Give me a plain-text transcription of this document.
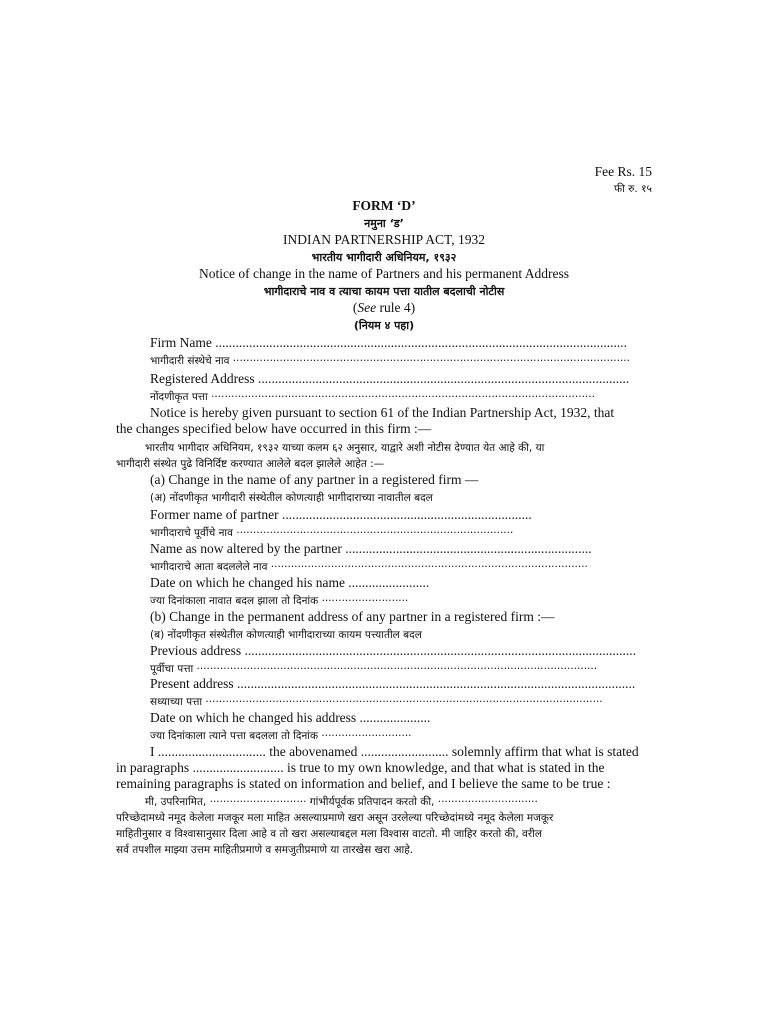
Fee Rs. 15
फी रु. १५
FORM ‘D’
नमुना ‘ड’
INDIAN PARTNERSHIP ACT, 1932
भारतीय भागीदारी अधिनियम, १९३२
Notice of change in the name of Partners and his permanent Address
भागीदाराचे नाव व त्याचा कायम पत्ता यातील बदलाची नोटीस
(See rule 4)
(नियम ४ पहा)
Firm Name ..........................................................................................................................
भागीदारी संस्थेचे नाव ·······················································································································
Registered Address ..............................................................................................................
नोंदणीकृत पत्ता ···················································································································
Notice is hereby given pursuant to section 61 of the Indian Partnership Act, 1932, that
the changes specified below have occurred in this firm :—
भारतीय भागीदार अधिनियम, १९३२ याच्या कलम ६२ अनुसार, याद्वारे अशी नोटीस देण्यात येत आहे की, या
भागीदारी संस्थेत पुढे विनिर्दिष्ट करण्यात आलेले बदल झालेले आहेत :—
(a) Change in the name of any partner in a registered firm —
(अ) नोंदणीकृत भागीदारी संस्थेतील कोणत्याही भागीदाराच्या नावातील बदल
Former name of partner ..........................................................................
भागीदाराचे पूर्वीचे नाव ···················································································
Name as now altered by the partner .........................................................................
भागीदाराचे आता बदललेले नाव ·······························································································
Date on which he changed his name ........................
ज्या दिनांकाला नावात बदल झाला तो दिनांक ··························
(b) Change in the permanent address of any partner in a registered firm :—
(ब) नोंदणीकृत संस्थेतील कोणत्याही भागीदाराच्या कायम पत्त्यातील बदल
Previous address ....................................................................................................................
पूर्वीचा पत्ता ························································································································
Present address ......................................................................................................................
सध्याच्या पत्ता ·······················································································································
Date on which he changed his address .....................
ज्या दिनांकाला त्याने पत्ता बदलला तो दिनांक ···························
I ................................ the abovenamed .......................... solemnly affirm that what is stated
in paragraphs ........................... is true to my own knowledge, and that what is stated in the
remaining paragraphs is stated on information and belief, and I believe the same to be true :
मी, उपरिनामित, ····························· गांभीर्यपूर्वक प्रतिपादन करतो की, ······························
परिच्छेदामध्ये नमूद केलेला मजकूर मला माहित असल्याप्रमाणे खरा असून उरलेल्या परिच्छेदांमध्ये नमूद केलेला मजकूर
माहितीनुसार व विश्वासानुसार दिला आहे व तो खरा असल्याबद्दल मला विश्वास वाटतो. मी जाहिर करतो की, वरील
सर्व तपशील माझ्या उत्तम माहितीप्रमाणे व समजुतीप्रमाणे या तारखेस खरा आहे.
